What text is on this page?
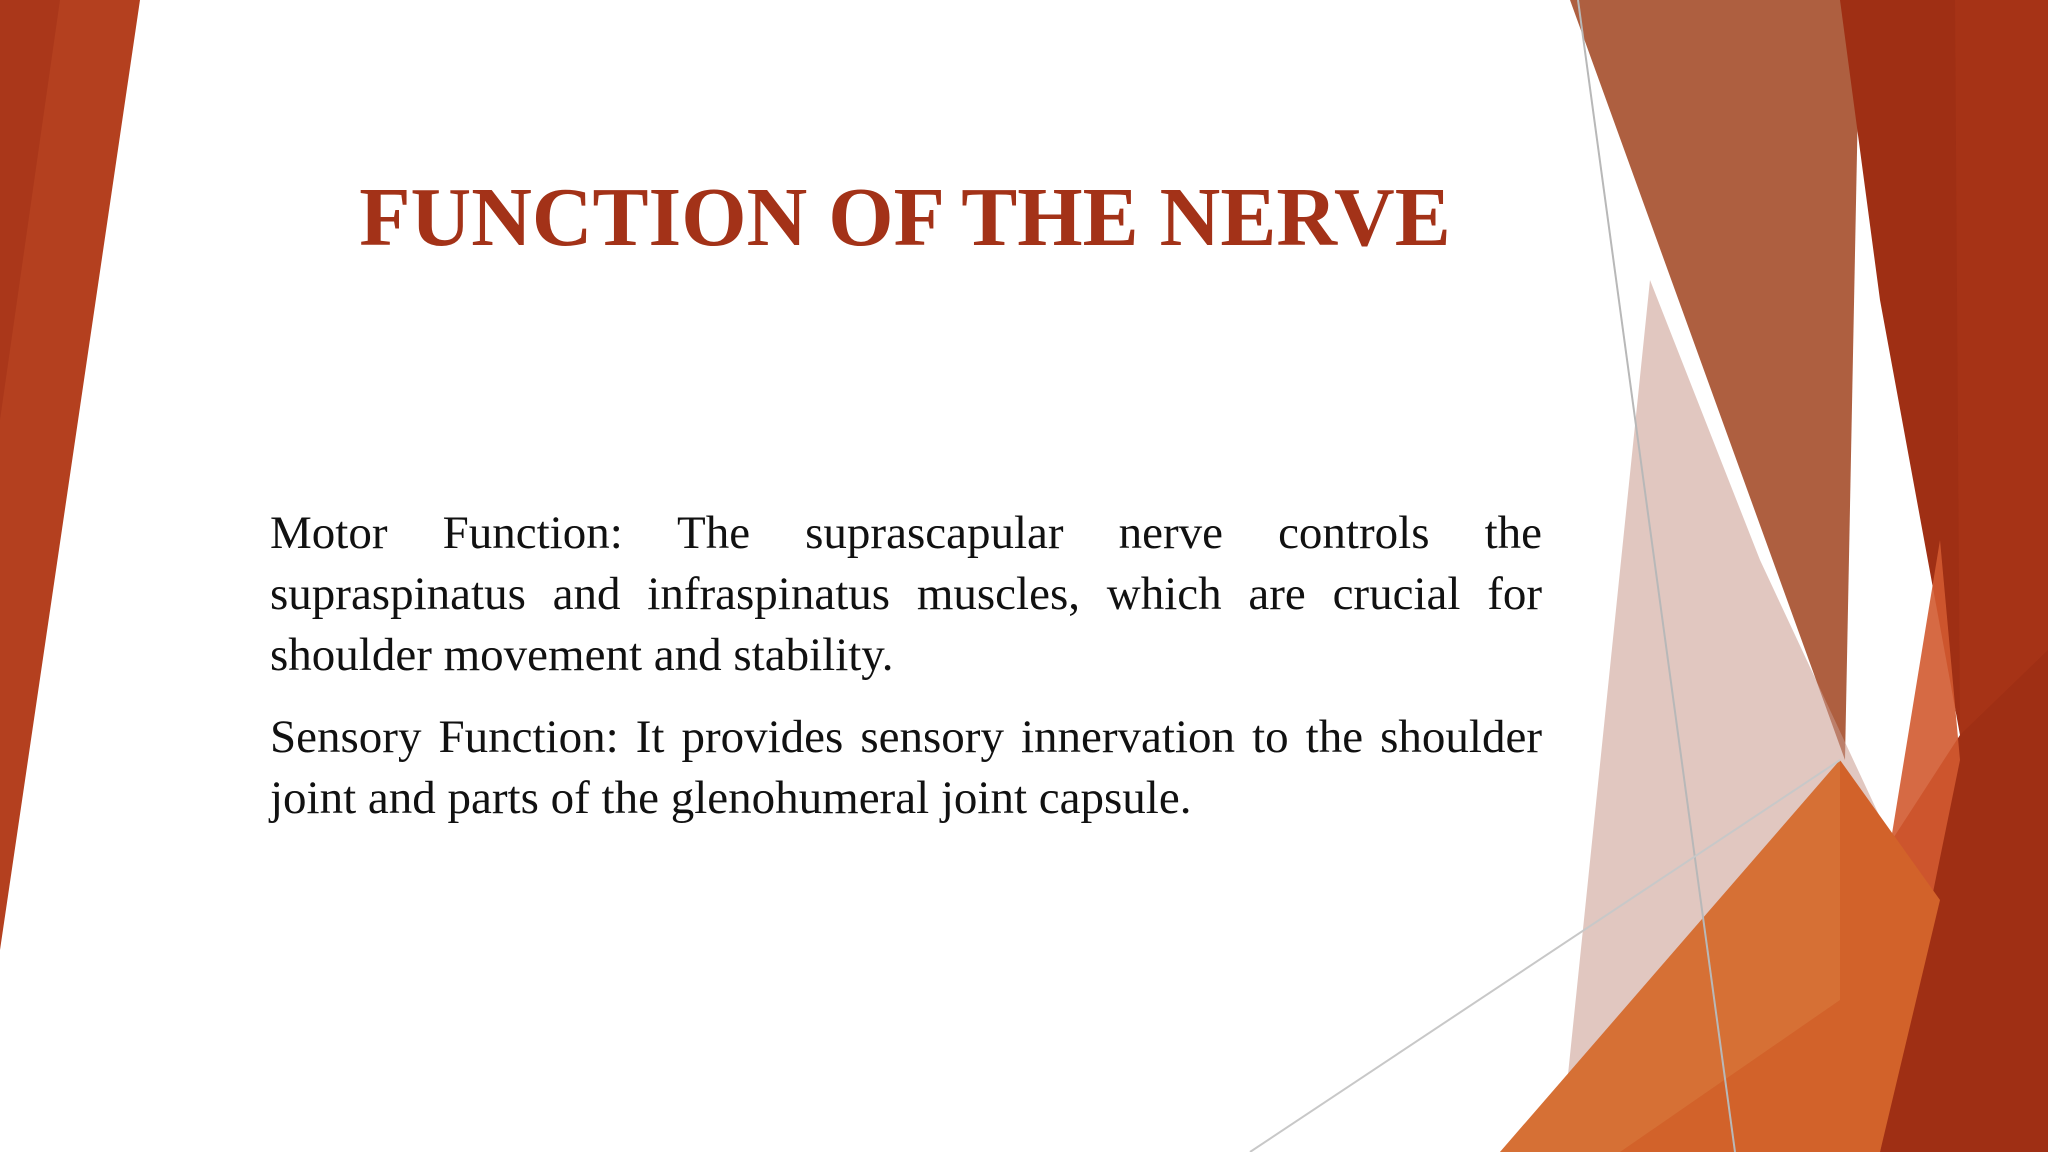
FUNCTION OF THE NERVE

Motor Function: The suprascapular nerve controls the supraspinatus and infraspinatus muscles, which are crucial for shoulder movement and stability.

Sensory Function: It provides sensory innervation to the shoulder joint and parts of the glenohumeral joint capsule.
